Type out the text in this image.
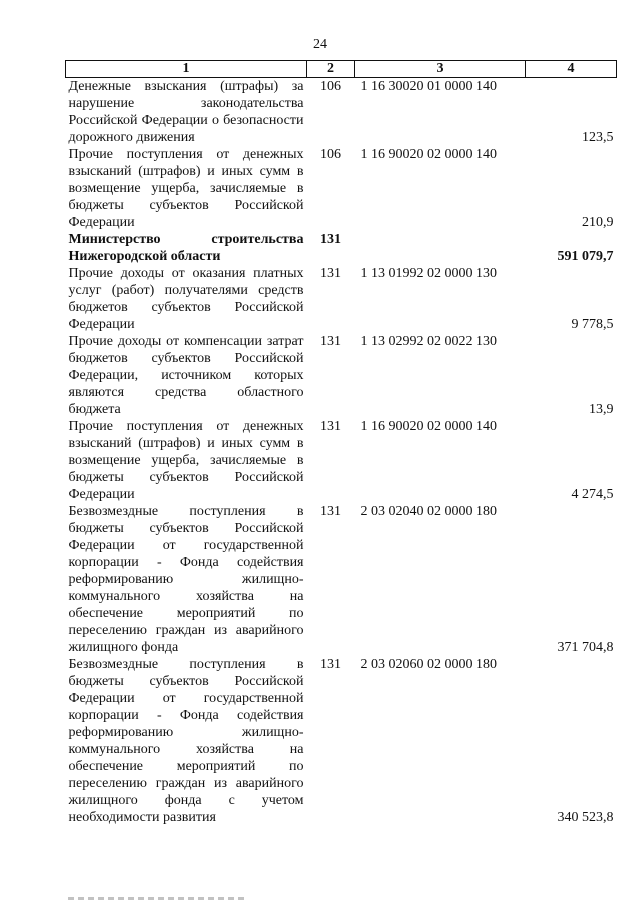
24
1	2	3	4
Денежные взыскания (штрафы) за нарушение законодательства Российской Федерации о безопасности дорожного движения	106	1 16 30020 01 0000 140	123,5
Прочие поступления от денежных взысканий (штрафов) и иных сумм в возмещение ущерба, зачисляемые в бюджеты субъектов Российской Федерации	106	1 16 90020 02 0000 140	210,9
Министерство строительства Нижегородской области	131		591 079,7
Прочие доходы от оказания платных услуг (работ) получателями средств бюджетов субъектов Российской Федерации	131	1 13 01992 02 0000 130	9 778,5
Прочие доходы от компенсации затрат бюджетов субъектов Российской Федерации, источником которых являются средства областного бюджета	131	1 13 02992 02 0022 130	13,9
Прочие поступления от денежных взысканий (штрафов) и иных сумм в возмещение ущерба, зачисляемые в бюджеты субъектов Российской Федерации	131	1 16 90020 02 0000 140	4 274,5
Безвозмездные поступления в бюджеты субъектов Российской Федерации от государственной корпорации - Фонда содействия реформированию жилищно-коммунального хозяйства на обеспечение мероприятий по переселению граждан из аварийного жилищного фонда	131	2 03 02040 02 0000 180	371 704,8
Безвозмездные поступления в бюджеты субъектов Российской Федерации от государственной корпорации - Фонда содействия реформированию жилищно-коммунального хозяйства на обеспечение мероприятий по переселению граждан из аварийного жилищного фонда с учетом необходимости развития	131	2 03 02060 02 0000 180	340 523,8
